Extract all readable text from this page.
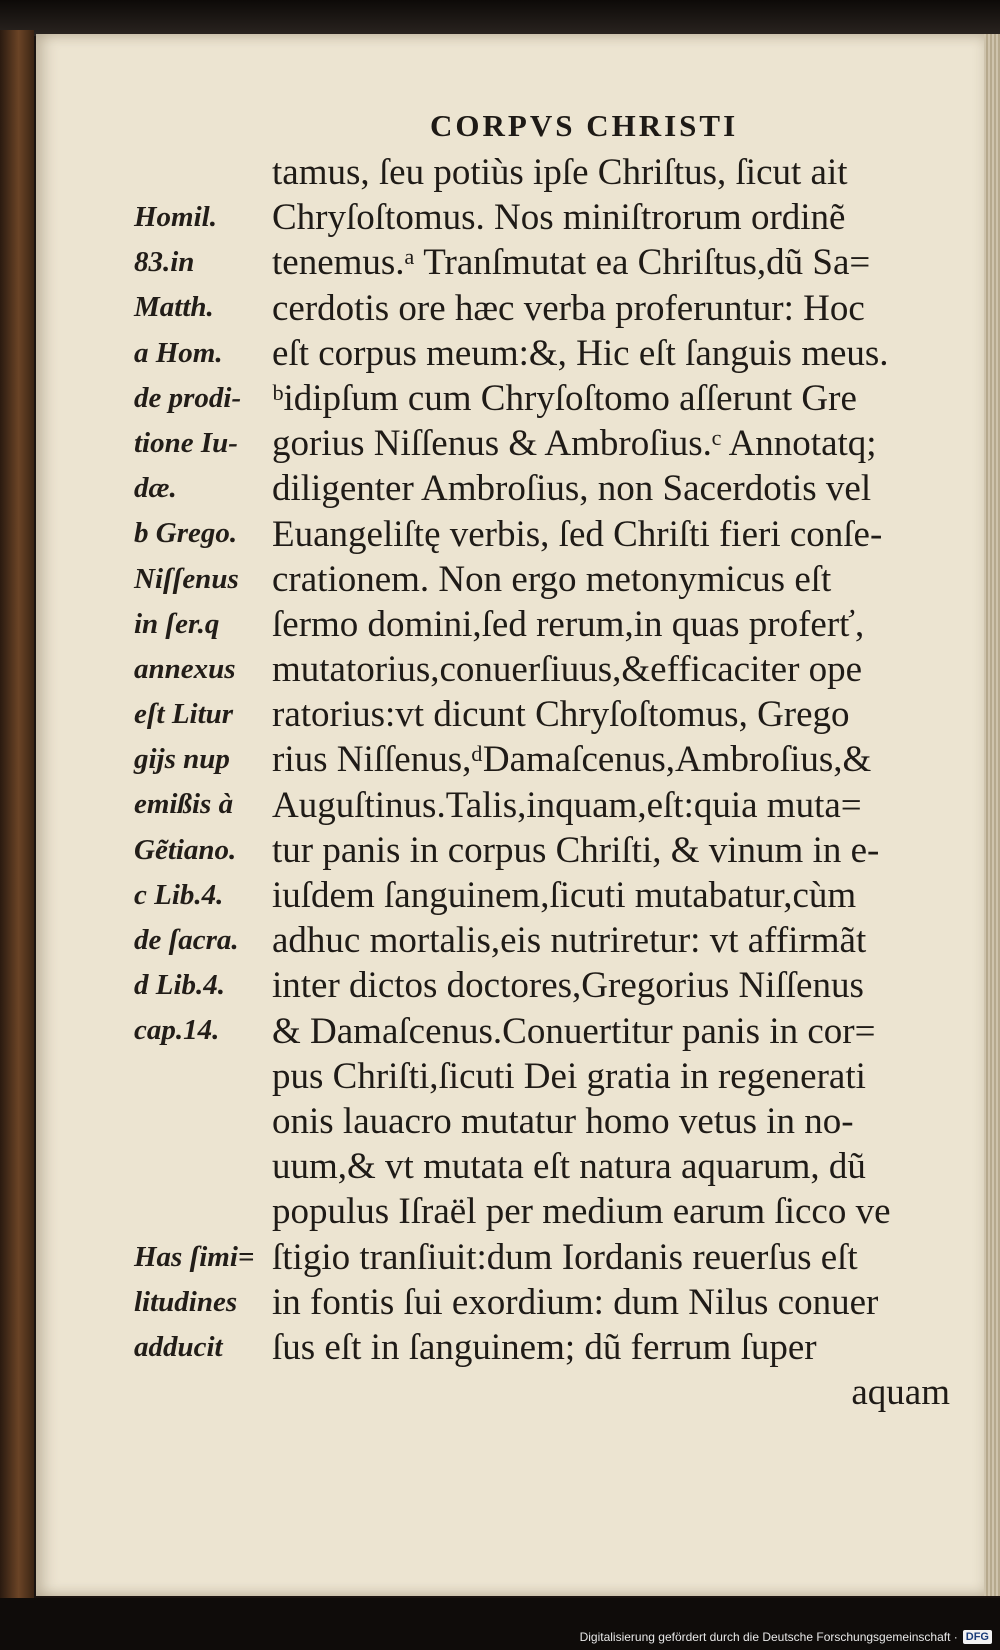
CORPVS CHRISTI
tamus, ſeu potiùs ipſe Chriſtus, ſicut ait
Chryſoſtomus. Nos miniſtrorum ordinẽ
tenemus.ᵃ Tranſmutat ea Chriſtus,dũ Sa=
cerdotis ore hæc verba proferuntur: Hoc
eſt corpus meum:&, Hic eſt ſanguis meus.
ᵇidipſum cum Chryſoſtomo aſſerunt Gre
gorius Niſſenus & Ambroſius.ᶜ Annotatq;
diligenter Ambroſius, non Sacerdotis vel
Euangeliſtę verbis, ſed Chriſti fieri conſe-
crationem. Non ergo metonymicus eſt
ſermo domini,ſed rerum,in quas proferť,
mutatorius,conuerſiuus,&efficaciter ope
ratorius:vt dicunt Chryſoſtomus, Grego
rius Niſſenus,ᵈDamaſcenus,Ambroſius,&
Auguſtinus.Talis,inquam,eſt:quia muta=
tur panis in corpus Chriſti, & vinum in e-
iuſdem ſanguinem,ſicuti mutabatur,cùm
adhuc mortalis,eis nutriretur: vt affirmãt
inter dictos doctores,Gregorius Niſſenus
& Damaſcenus.Conuertitur panis in cor=
pus Chriſti,ſicuti Dei gratia in regenerati
onis lauacro mutatur homo vetus in no-
uum,& vt mutata eſt natura aquarum, dũ
populus Iſraël per medium earum ſicco ve
ſtigio tranſiuit:dum Iordanis reuerſus eſt
in fontis ſui exordium: dum Nilus conuer
ſus eſt in ſanguinem; dũ ferrum ſuper
aquam
Homil.
83.in
Matth.
a Hom.
de prodi-
tione Iu-
dæ.
b Grego.
Niſſenus
in ſer.q
annexus
eſt Litur
gijs nup
emißis à
Gẽtiano.
c Lib.4.
de ſacra.
d Lib.4.
cap.14.
Has ſimi=
litudines
adducit
Digitalisierung gefördert durch die Deutsche Forschungsgemeinschaft · DFG
